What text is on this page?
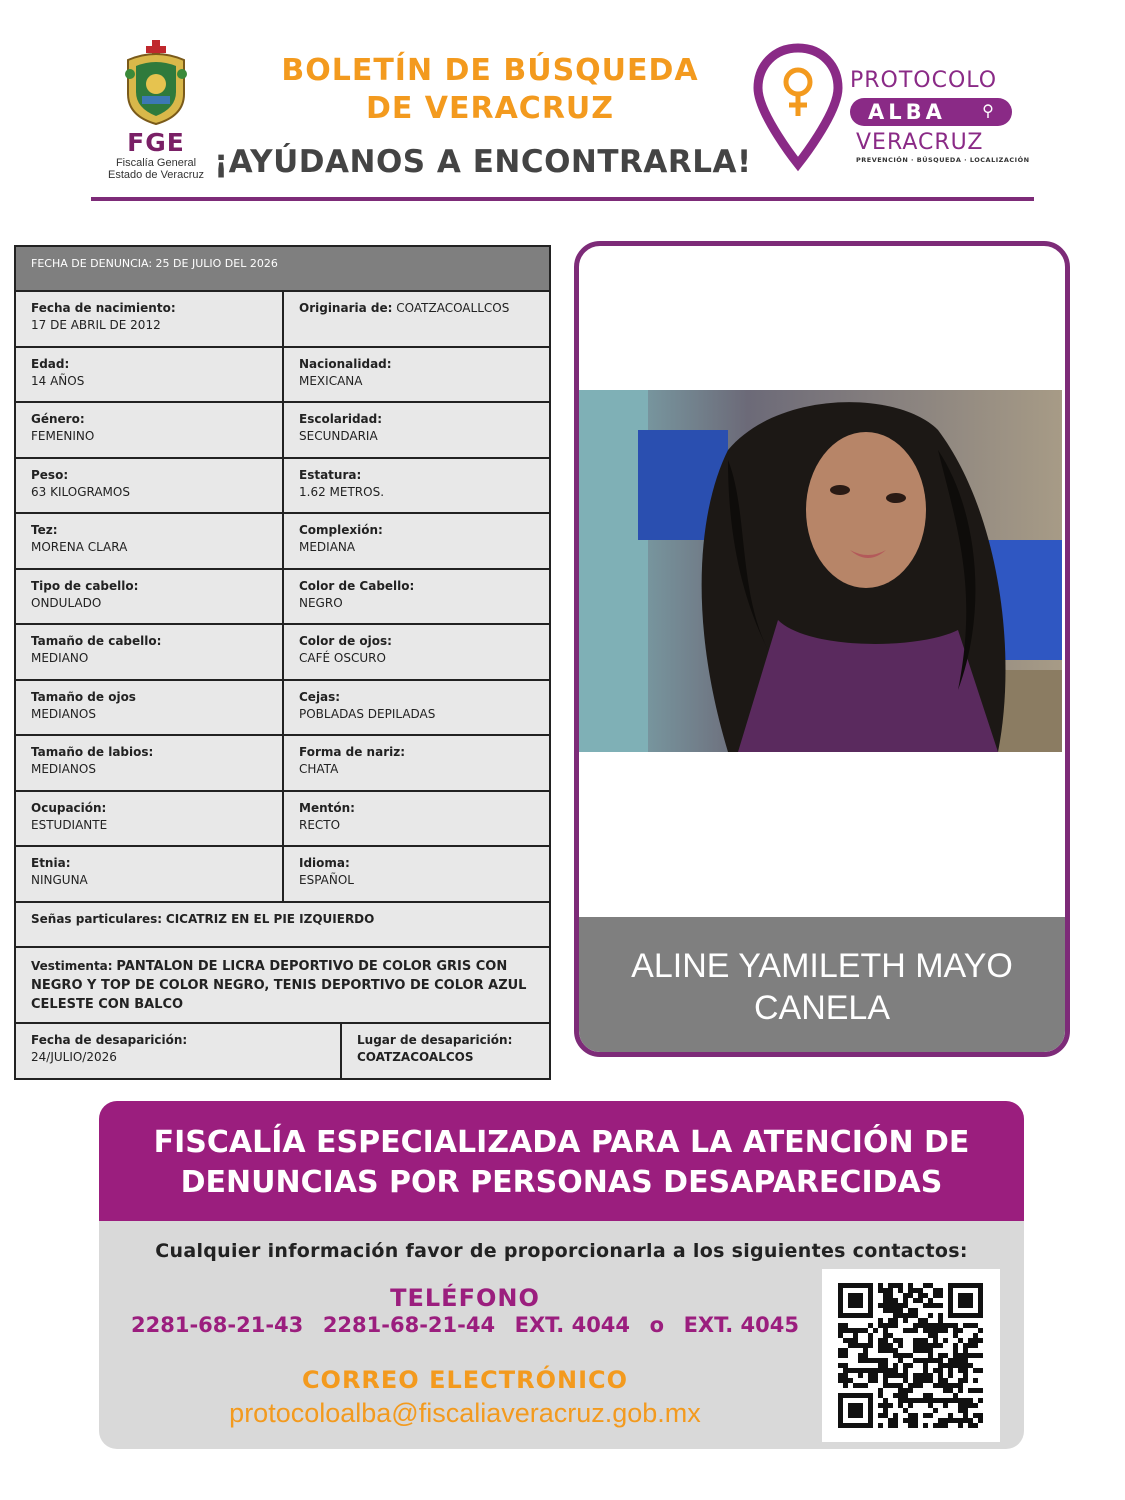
FGE
Fiscalía General
Estado de Veracruz
BOLETÍN DE BÚSQUEDA
DE VERACRUZ
¡AYÚDANOS A ENCONTRARLA!
PROTOCOLO
ALBA ⚲
VERACRUZ
PREVENCIÓN · BÚSQUEDA · LOCALIZACIÓN
FECHA DE DENUNCIA: 25 DE JULIO DEL 2026
Fecha de nacimiento:
17 DE ABRIL DE 2012
Originaria de: COATZACOALLCOS
Edad:
14 AÑOS
Nacionalidad:
MEXICANA
Género:
FEMENINO
Escolaridad:
SECUNDARIA
Peso:
63 KILOGRAMOS
Estatura:
1.62 METROS.
Tez:
MORENA CLARA
Complexión:
MEDIANA
Tipo de cabello:
ONDULADO
Color de Cabello:
NEGRO
Tamaño de cabello:
MEDIANO
Color de ojos:
CAFÉ OSCURO
Tamaño de ojos
MEDIANOS
Cejas:
POBLADAS DEPILADAS
Tamaño de labios:
MEDIANOS
Forma de nariz:
CHATA
Ocupación:
ESTUDIANTE
Mentón:
RECTO
Etnia:
NINGUNA
Idioma:
ESPAÑOL
Señas particulares: CICATRIZ EN EL PIE IZQUIERDO
Vestimenta: PANTALON DE LICRA DEPORTIVO DE COLOR GRIS CON NEGRO Y TOP DE COLOR NEGRO, TENIS DEPORTIVO DE COLOR AZUL CELESTE CON BALCO
Fecha de desaparición:
24/JULIO/2026
Lugar de desaparición:
COATZACOALCOS
ALINE YAMILETH MAYO
CANELA
FISCALÍA ESPECIALIZADA PARA LA ATENCIÓN DE
DENUNCIAS POR PERSONAS DESAPARECIDAS
Cualquier información favor de proporcionarla a los siguientes contactos:
TELÉFONO
2281-68-21-43 2281-68-21-44 EXT. 4044 o EXT. 4045
CORREO ELECTRÓNICO
protocoloalba@fiscaliaveracruz.gob.mx
